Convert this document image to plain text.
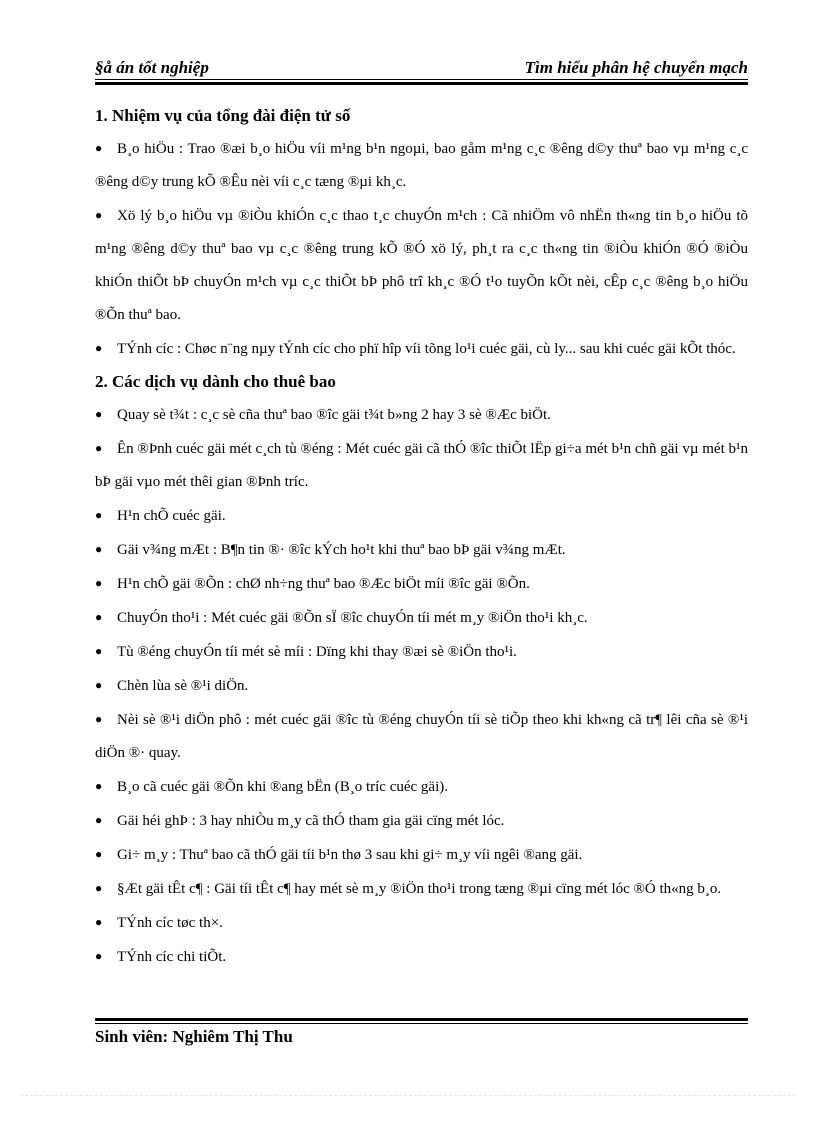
§å án tốt nghiệp	Tìm hiểu phân hệ chuyển mạch
1. Nhiệm vụ của tổng đài điện tử số
● B¸o hiÖu : Trao ®æi b¸o hiÖu víi m¹ng b¹n ngoµi, bao gåm m¹ng c¸c ®êng d©y thuª bao vµ m¹ng c¸c ®êng d©y trung kÕ ®Êu nèi víi c¸c tæng ®µi kh¸c.
● Xö lý b¸o hiÖu vµ ®iÒu khiÓn c¸c thao t¸c chuyÓn m¹ch : Cã nhiÖm vô nhËn th«ng tin b¸o hiÖu tõ m¹ng ®êng d©y thuª bao vµ c¸c ®êng trung kÕ ®Ó xö lý, ph¸t ra c¸c th«ng tin ®iÒu khiÓn ®Ó ®iÒu khiÓn thiÕt bÞ chuyÓn m¹ch vµ c¸c thiÕt bÞ phô trî kh¸c ®Ó t¹o tuyÕn kÕt nèi, cÊp c¸c ®êng b¸o hiÖu ®Õn thuª bao.
● TÝnh cíc : Chøc n¨ng nµy tÝnh cíc cho phï hîp víi tõng lo¹i cuéc gäi, cù ly... sau khi cuéc gäi kÕt thóc.
2. Các dịch vụ dành cho thuê bao
● Quay sè t¾t : c¸c sè cña thuª bao ®îc gäi t¾t b»ng 2 hay 3 sè ®Æc biÖt.
● Ên ®Þnh cuéc gäi mét c¸ch tù ®éng : Mét cuéc gäi cã thÓ ®îc thiÕt lËp gi÷a mét b¹n chñ gäi vµ mét b¹n bÞ gäi vµo mét thêi gian ®Þnh tríc.
● H¹n chÕ cuéc gäi.
● Gäi v¾ng mÆt : B¶n tin ®· ®îc kÝch ho¹t khi thuª bao bÞ gäi v¾ng mÆt.
● H¹n chÕ gäi ®Õn : chØ nh÷ng thuª bao ®Æc biÖt míi ®îc gäi ®Õn.
● ChuyÓn tho¹i : Mét cuéc gäi ®Õn sÏ ®îc chuyÓn tíi mét m¸y ®iÖn tho¹i kh¸c.
● Tù ®éng chuyÓn tíi mét sè míi : Dïng khi thay ®æi sè ®iÖn tho¹i.
● Chèn lùa sè ®¹i diÖn.
● Nèi sè ®¹i diÖn phô : mét cuéc gäi ®îc tù ®éng chuyÓn tíi sè tiÕp theo khi kh«ng cã tr¶ lêi cña sè ®¹i diÖn ®· quay.
● B¸o cã cuéc gäi ®Õn khi ®ang bËn (B¸o tríc cuéc gäi).
● Gäi héi ghÞ : 3 hay nhiÒu m¸y cã thÓ tham gia gäi cïng mét lóc.
● Gi÷ m¸y : Thuª bao cã thÓ gäi tíi b¹n thø 3 sau khi gi÷ m¸y víi ngêi ®ang gäi.
● §Æt gäi tÊt c¶ : Gäi tíi tÊt c¶ hay mét sè m¸y ®iÖn tho¹i trong tæng ®µi cïng mét lóc ®Ó th«ng b¸o.
● TÝnh cíc tøc th×.
● TÝnh cíc chi tiÕt.
Sinh viên: Nghiêm Thị Thu
